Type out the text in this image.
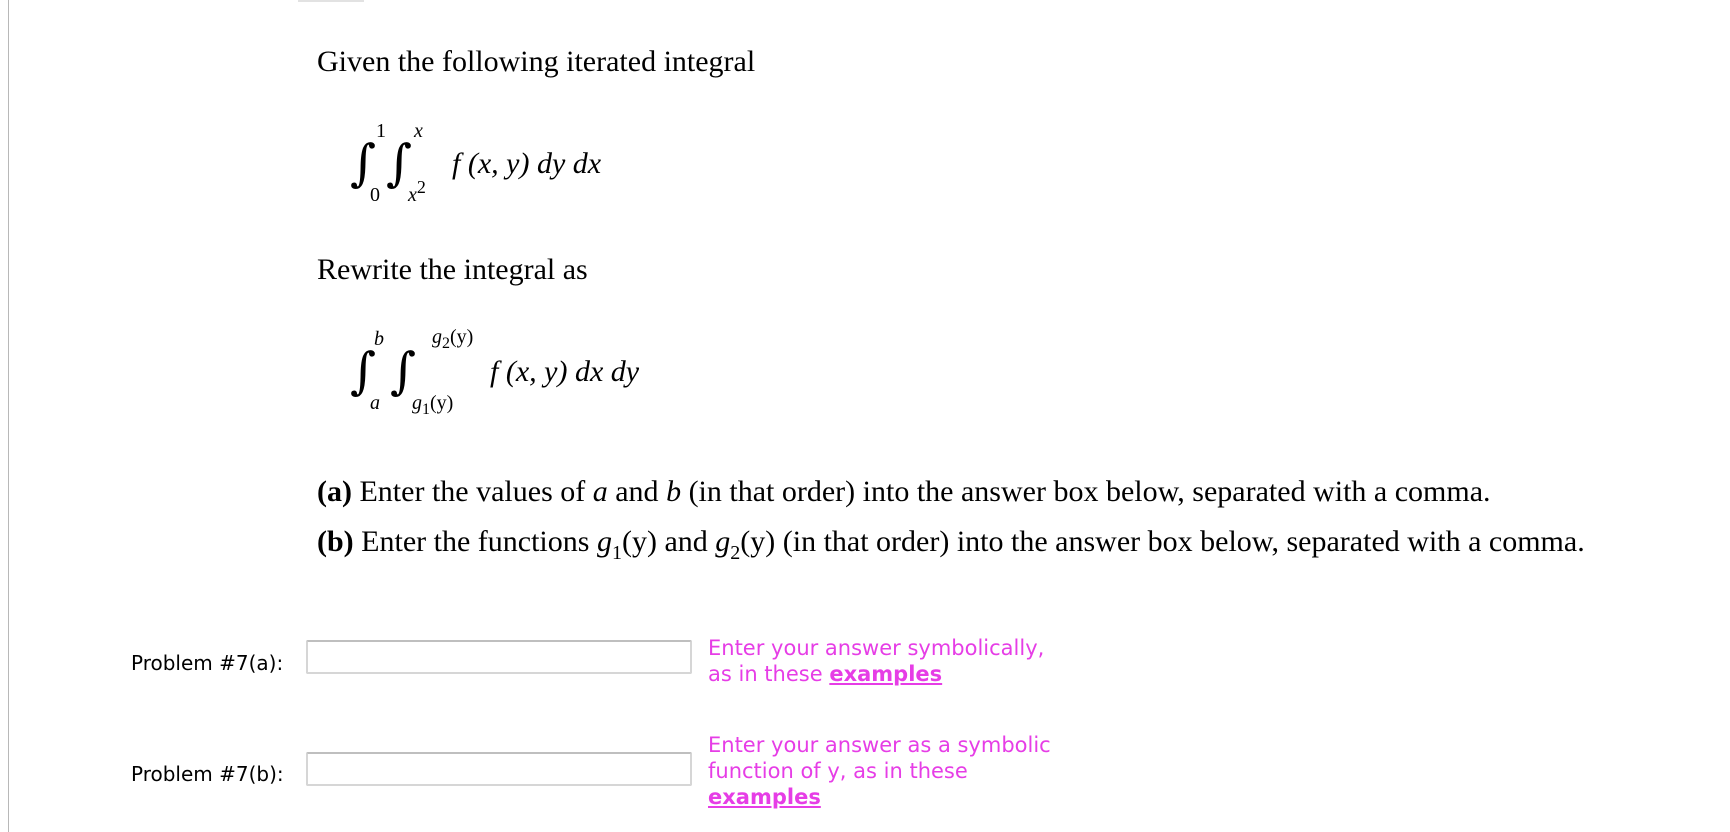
Given the following iterated integral
∫
1
0
∫
x
x2
f (x, y) dy dx
Rewrite the integral as
∫
b
a
∫
$g_2(y)$
$g_1(y)$
f (x, y) dx dy
(a) Enter the values of a and b (in that order) into the answer box below, separated with a comma.
(b) Enter the functions $g_1(y)$ and $g_2(y)$ (in that order) into the answer box below, separated with a comma.
Problem #7(a):
Enter your answer symbolically,
as in these examples
Problem #7(b):
Enter your answer as a symbolic
function of y, as in these
examples
